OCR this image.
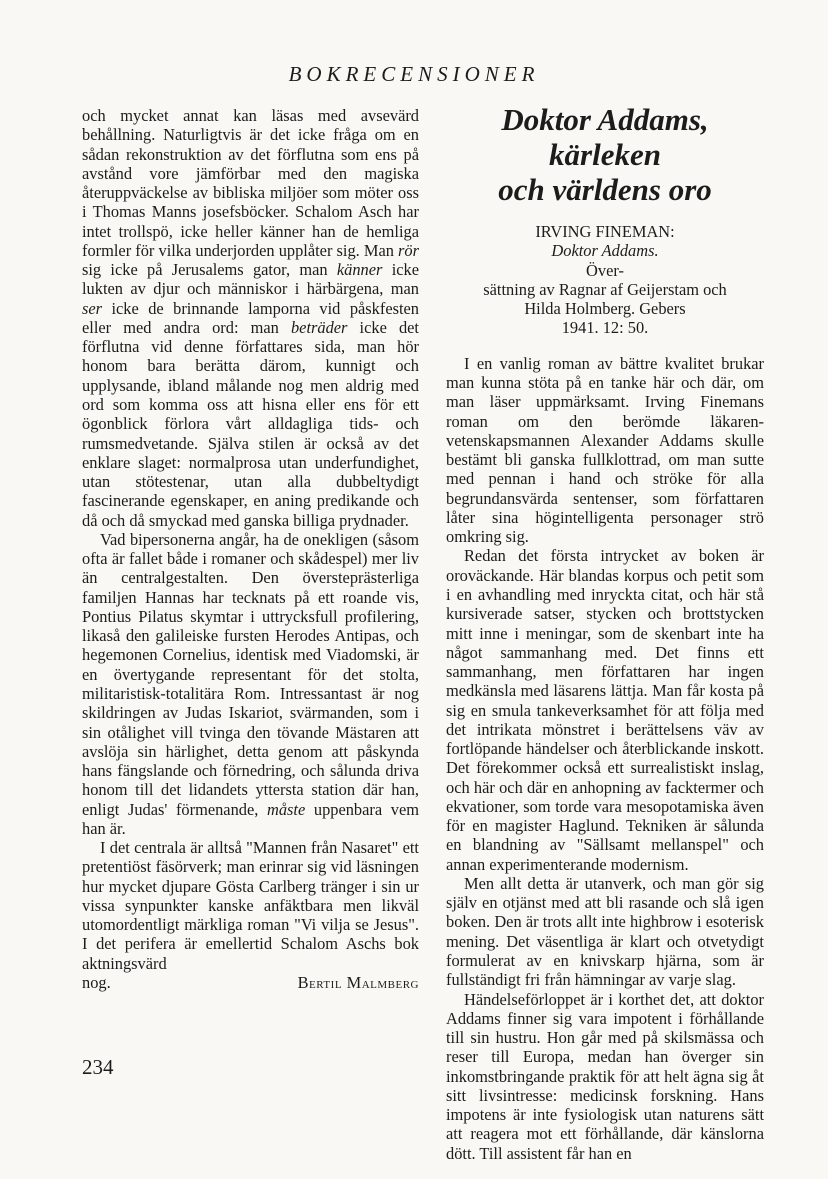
BOKRECENSIONER

och mycket annat kan läsas med avsevärd behållning. Naturligtvis är det icke fråga om en sådan rekonstruktion av det förflutna som ens på avstånd vore jämförbar med den magiska återuppväckelse av bibliska miljöer som möter oss i Thomas Manns josefsböcker. Schalom Asch har intet trollspö, icke heller känner han de hemliga formler för vilka underjorden upplåter sig. Man rör sig icke på Jerusalems gator, man känner icke lukten av djur och människor i härbärgena, man ser icke de brinnande lamporna vid påskfesten eller med andra ord: man beträder icke det förflutna vid denne författares sida, man hör honom bara berätta därom, kunnigt och upplysande, ibland målande nog men aldrig med ord som komma oss att hisna eller ens för ett ögonblick förlora vårt alldagliga tids- och rumsmedvetande. Själva stilen är också av det enklare slaget: normalprosa utan underfundighet, utan stötestenar, utan alla dubbeltydigt fascinerande egenskaper, en aning predikande och då och då smyckad med ganska billiga prydnader.

Vad bipersonerna angår, ha de onekligen (såsom ofta är fallet både i romaner och skådespel) mer liv än centralgestalten. Den översteprästerliga familjen Hannas har tecknats på ett roande vis, Pontius Pilatus skymtar i uttrycksfull profilering, likaså den galileiske fursten Herodes Antipas, och hegemonen Cornelius, identisk med Viadomski, är en övertygande representant för det stolta, militaristisk-totalitära Rom. Intressantast är nog skildringen av Judas Iskariot, svärmanden, som i sin otålighet vill tvinga den tövande Mästaren att avslöja sin härlighet, detta genom att påskynda hans fängslande och förnedring, och sålunda driva honom till det lidandets yttersta station där han, enligt Judas' förmenande, måste uppenbara vem han är.

I det centrala är alltså "Mannen från Nasaret" ett pretentiöst fäsörverk; man erinrar sig vid läsningen hur mycket djupare Gösta Carlberg tränger i sin ur vissa synpunkter kanske anfäktbara men likväl utomordentligt märkliga roman "Vi vilja se Jesus". I det perifera är emellertid Schalom Aschs bok aktningsvärd

nog.	Bertil Malmberg

Doktor Addams, kärleken
och världens oro
IRVING FINEMAN:
Doktor Addams.
Över-
sättning av Ragnar af Geijerstam och
Hilda Holmberg. Gebers
1941. 12: 50.

I en vanlig roman av bättre kvalitet brukar man kunna stöta på en tanke här och där, om man läser uppmärksamt. Irving Finemans roman om den berömde läkaren-vetenskapsmannen Alexander Addams skulle bestämt bli ganska fullklottrad, om man sutte med pennan i hand och ströke för alla begrundansvärda sentenser, som författaren låter sina högintelligenta personager strö omkring sig.

Redan det första intrycket av boken är oroväckande. Här blandas korpus och petit som i en avhandling med inryckta citat, och här stå kursiverade satser, stycken och brottstycken mitt inne i meningar, som de skenbart inte ha något sammanhang med. Det finns ett sammanhang, men författaren har ingen medkänsla med läsarens lättja. Man får kosta på sig en smula tankeverksamhet för att följa med det intrikata mönstret i berättelsens väv av fortlöpande händelser och återblickande inskott. Det förekommer också ett surrealistiskt inslag, och här och där en anhopning av facktermer och ekvationer, som torde vara mesopotamiska även för en magister Haglund. Tekniken är sålunda en blandning av "Sällsamt mellanspel" och annan experimenterande modernism.

Men allt detta är utanverk, och man gör sig själv en otjänst med att bli rasande och slå igen boken. Den är trots allt inte highbrow i esoterisk mening. Det väsentliga är klart och otvetydigt formulerat av en knivskarp hjärna, som är fullständigt fri från hämningar av varje slag.

Händelseförloppet är i korthet det, att doktor Addams finner sig vara impotent i förhållande till sin hustru. Hon går med på skilsmässa och reser till Europa, medan han överger sin inkomstbringande praktik för att helt ägna sig åt sitt livsintresse: medicinsk forskning. Hans impotens är inte fysiologisk utan naturens sätt att reagera mot ett förhållande, där känslorna dött. Till assistent får han en

234
